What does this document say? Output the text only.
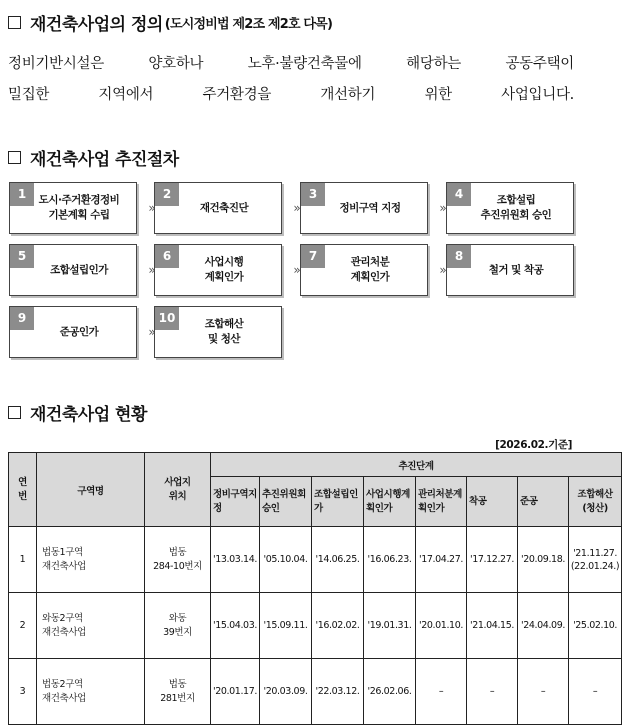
재건축사업의 정의 (도시정비법 제2조 제2호 다목)
정비기반시설은 양호하나 노후·불량건축물에 해당하는 공동주택이
밀집한 지역에서 주거환경을 개선하기 위한 사업입니다.
재건축사업 추진절차
1	도시·주거환경정비
기본계획 수립	»
2
재건축진단	»
3
정비구역 지정	»
4	조합설립
추진위원회 승인
5
조합설립인가	»
6	사업시행
계획인가	»
7	관리처분
계획인가	»
8
철거 및 착공
9
준공인가	»
10	조합해산
및 청산
재건축사업 현황
[2026.02.기준]
연번	구역명	사업지
위치	추진단계							
			정비구역지정	추진위원회승인	조합설립인가	사업시행계획인가	관리처분계획인가	착공	준공	조합해산
(청산)
1	법동1구역
재건축사업	법동
284-10번지	'13.03.14.	'05.10.04.	'14.06.25.	'16.06.23.	'17.04.27.	'17.12.27.	'20.09.18.	'21.11.27.
(22.01.24.)
2	와동2구역
재건축사업	와동
39번지	'15.04.03.	'15.09.11.	'16.02.02.	'19.01.31.	'20.01.10.	'21.04.15.	'24.04.09.	'25.02.10.
3	법동2구역
재건축사업	법동
281번지	'20.01.17.	'20.03.09.	'22.03.12.	'26.02.06.	–	–	–	–
